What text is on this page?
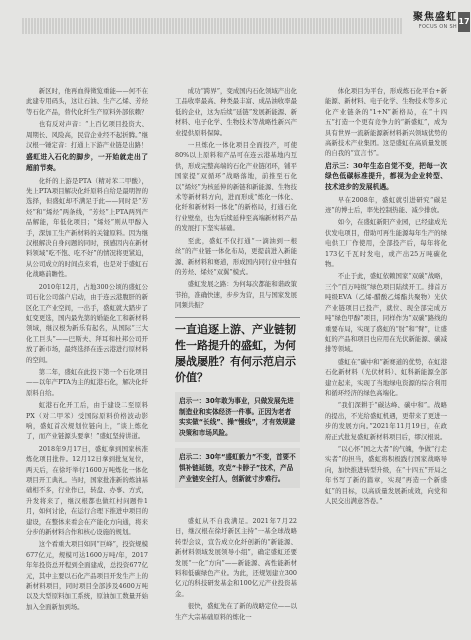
聚焦盛虹
FOCUS ON SH
17

新区时，他再血得徵览重能——何不在此建专用码头，这让石油、生产乙烯、芳烃等石化产品，替代化纤生产原料外部依赖？

也有反对声音：“上百亿项目投资大、周期长、风险高，民营企业经不起折腾。”继汉根一锤定音：打通上下游产业链是出路！

盛虹进入石化的脚步，一开始就走出了超前节奏。

化纤的上游是PTA（精对苯二甲酸），先上PTA项目解决化纤原料自给是最明智的选择，但盛虹却不满足于此——同时是“芳烃”和“烯烃”两条线，“芳烃”上PTA两列产品解能，年低化项目；“烯烃”则从甲醇入手，深加工生产新材料的关键原料。因为继汉根解决自身问题的同时，预感因内在新材料领域“吃不饱、吃不好”的情况将更紧迫，从公司成立的时间点来看，也是对于盛虹石化战略前瞻性。

2010年12月，占地300公顷的盛虹公司石化公司落户启动，由于连云港腹肝的新区化工产业空间，一出手，盛虹就大踏步了虹变更选，国内最先第的婚能化工和新材料领域，继汉根为新乐有起名，从国际“三大化工巨头”——巴斯夫、拜耳和杜邦公司开放了新市场，最终选择在连云港进行原材料的空间。

第二年，盛虹在此投下第一个石化项目——以年产PTA为主的虹港石化，解决化纤原料自给。

虹港石化开工后，由于建设二至原料PX（对二甲苯）受国际原料价格波动影响，盛虹首次规划位链向上，“谈上炼化了，而产业链源头要拿！”盛虹坚持讲道。

2018年9月17日，盛虹拿到国家核准炼化项目批件。12月12日拿到批复复位，两天后，在徐圩举行1600万吨炼化一体化项目开工典礼。当时，国家批准新的炼油基础相不多，行业作已，转盘、办事、方式，升发将来了，继汉根都也做红村问题件1月，如何讨论，在运行合理下推进中项目的建设，在整体来看会在产能化方向通，将来分步的新材料合作和核心设施的规划。

这个看重大项目如同“巨峰”，投资规模677亿元，规模可达1600万吨/年，2017年年投资总开程到全面建成，总投资677亿元，其中主要以石化产品项目开发生产上的新材料项目，同时项目全部涉及4600万吨以及大型原料加工系统，原油加工数量开始加入全面新加到场。

成功“跨界”，变成国内石化领域产出化工品收率最高、种类最丰富、成品油收率最低的企业，这为后续“延链”发展新能源、新材料、电子化学、生物技术等战略性新兴产业提供原料保障。

一旦炼化一体化项目全面投产，可使80%以上原料和产品可在连云港基地内互供，形成完整高端的石化产业链闭环，铺平国家提“双循环”战略落地，前推至石化以“烯烃”为核延伸的新链和新能源、生物技术等新材料方向，进而形成“炼化一体化、化纤和新材料一体化”的新格局，打通石化行业壁垒，也为后续延伸至高端新材料产品的发展打下坚实基础。

至此，盛虹不仅打通“一滴油到一根丝”的产业链一体化布局，更提前进入新能源、新材料和赛道，形成国内同行业中独有的芳烃、烯烃“双翼”模式。

盛虹发展之路：为何每次都能和谐政策节拍，准确快速，步步为营，且与国家发展同频共振？

一直追逐上游、产业链韧性一路提升的盛虹，为何屡战屡胜？有何示范启示价值？
启示一：30年敢为事业，只做发展先进制造业和实体经济一件事。正因为老者实实做“长线”、操“慢线”，才有效规避决策和市场风险。
启示二：30年“盛虹毅力”不变，首要不惧补链延链，攻克“卡脖子”技术，产品产业链安全打人，创新就寸步难行。

盛虹从不自我满足。2021年7月22日，继汉根在徐圩新区主持“一基全球战略转型会议，宣告成立化纤创新的“新能源、新材料领域发展领导小组”，确定盛虹还要发展“一化”方向”——新能源、高性能新材料和低碳绿色产业。为此，还规划建立300亿元的科技研发基金和100亿元产业投资基金。

很快，盛虹先在了新的战略定位——以生产大宗基础原料的炼化一

体化项目为平台，形成炼石化平台+新能源、新材料、电子化学、生物技术等多元化产业链条的“1+N”新格局，在“十四五”打造一个更有竞争力的“新盛虹”，成为具有世界一流新能源新材料新兴领域优势的高新技术产业集团。这是盛虹在高质量发展的自我的“宣言书”。

启示三：30年生态自觉不变，把每一次绿色低碳标准提升，都视为企业转型、技术进步的发展机遇。

早在2008年，盛虹就引进研究“碳足迹”的博士后，率先控制热能、减少排放。

如今，在盛虹新阳产业园，已经建成光伏发电项目，借助可再生能源每年生产的绿电供工厂作使用，全部投产后，每年将化173亿千瓦时发电，或产出25万吨碳化物。

不止于此，盛虹依赖国家“双碳”战略，三个“百万吨级”绿色项目陆续开工。排首万吨级EVA（乙烯-醋酸乙烯酯共聚物）光伏产业链项目已投产，就位、现全部完成万吨“绿色甲醇”项目，同样作为“双碳”路线的重要布局，实现了盛虹的“肘”和“臂”，让盛虹的产品和项目也应用在光伏新能源、碳减排等领域。

盛虹在“碳中和”新赛道的优势，在虹港石化新材料（光伏材料）、虹科新能源全部建立起来，实现了当地绿电资源的综合利用和循环经济的绿色高端化。

“我们深耕于“碳达峰、碳中和”。战略的提出，不光给盛虹机遇，更带来了更进一步的发展方向。”2021年11月19日，在政府正式批复盛虹新材料项目后，缪汉根说。

“以心怀“国之大者”的气魄，争做“行走实者”的担当，盛虹将积极践行国家战略导向，加快推进转型升级，在“十四五”开局之年书写了新的篇章，实现“再造一个新盛虹”的目标，以高质量发展新成效，向党和人民交出满意答卷。”
